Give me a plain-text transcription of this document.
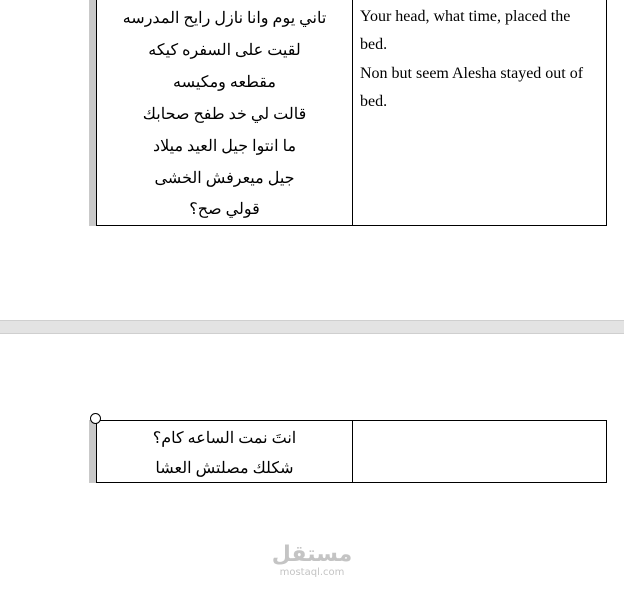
تاني يوم وانا نازل رايح المدرسه
لقيت على السفره كيكه
مقطعه ومكيسه
قالت لي خد طفح صحابك
ما انتوا جيل العيد ميلاد
جيل ميعرفش الخشى
قولي صح؟
Your head, what time, placed the
bed.
Non but seem Alesha stayed out of
bed.
انتَ نمت الساعه كام؟
شكلك مصلتش العشا
مستقل
mostaql.com
